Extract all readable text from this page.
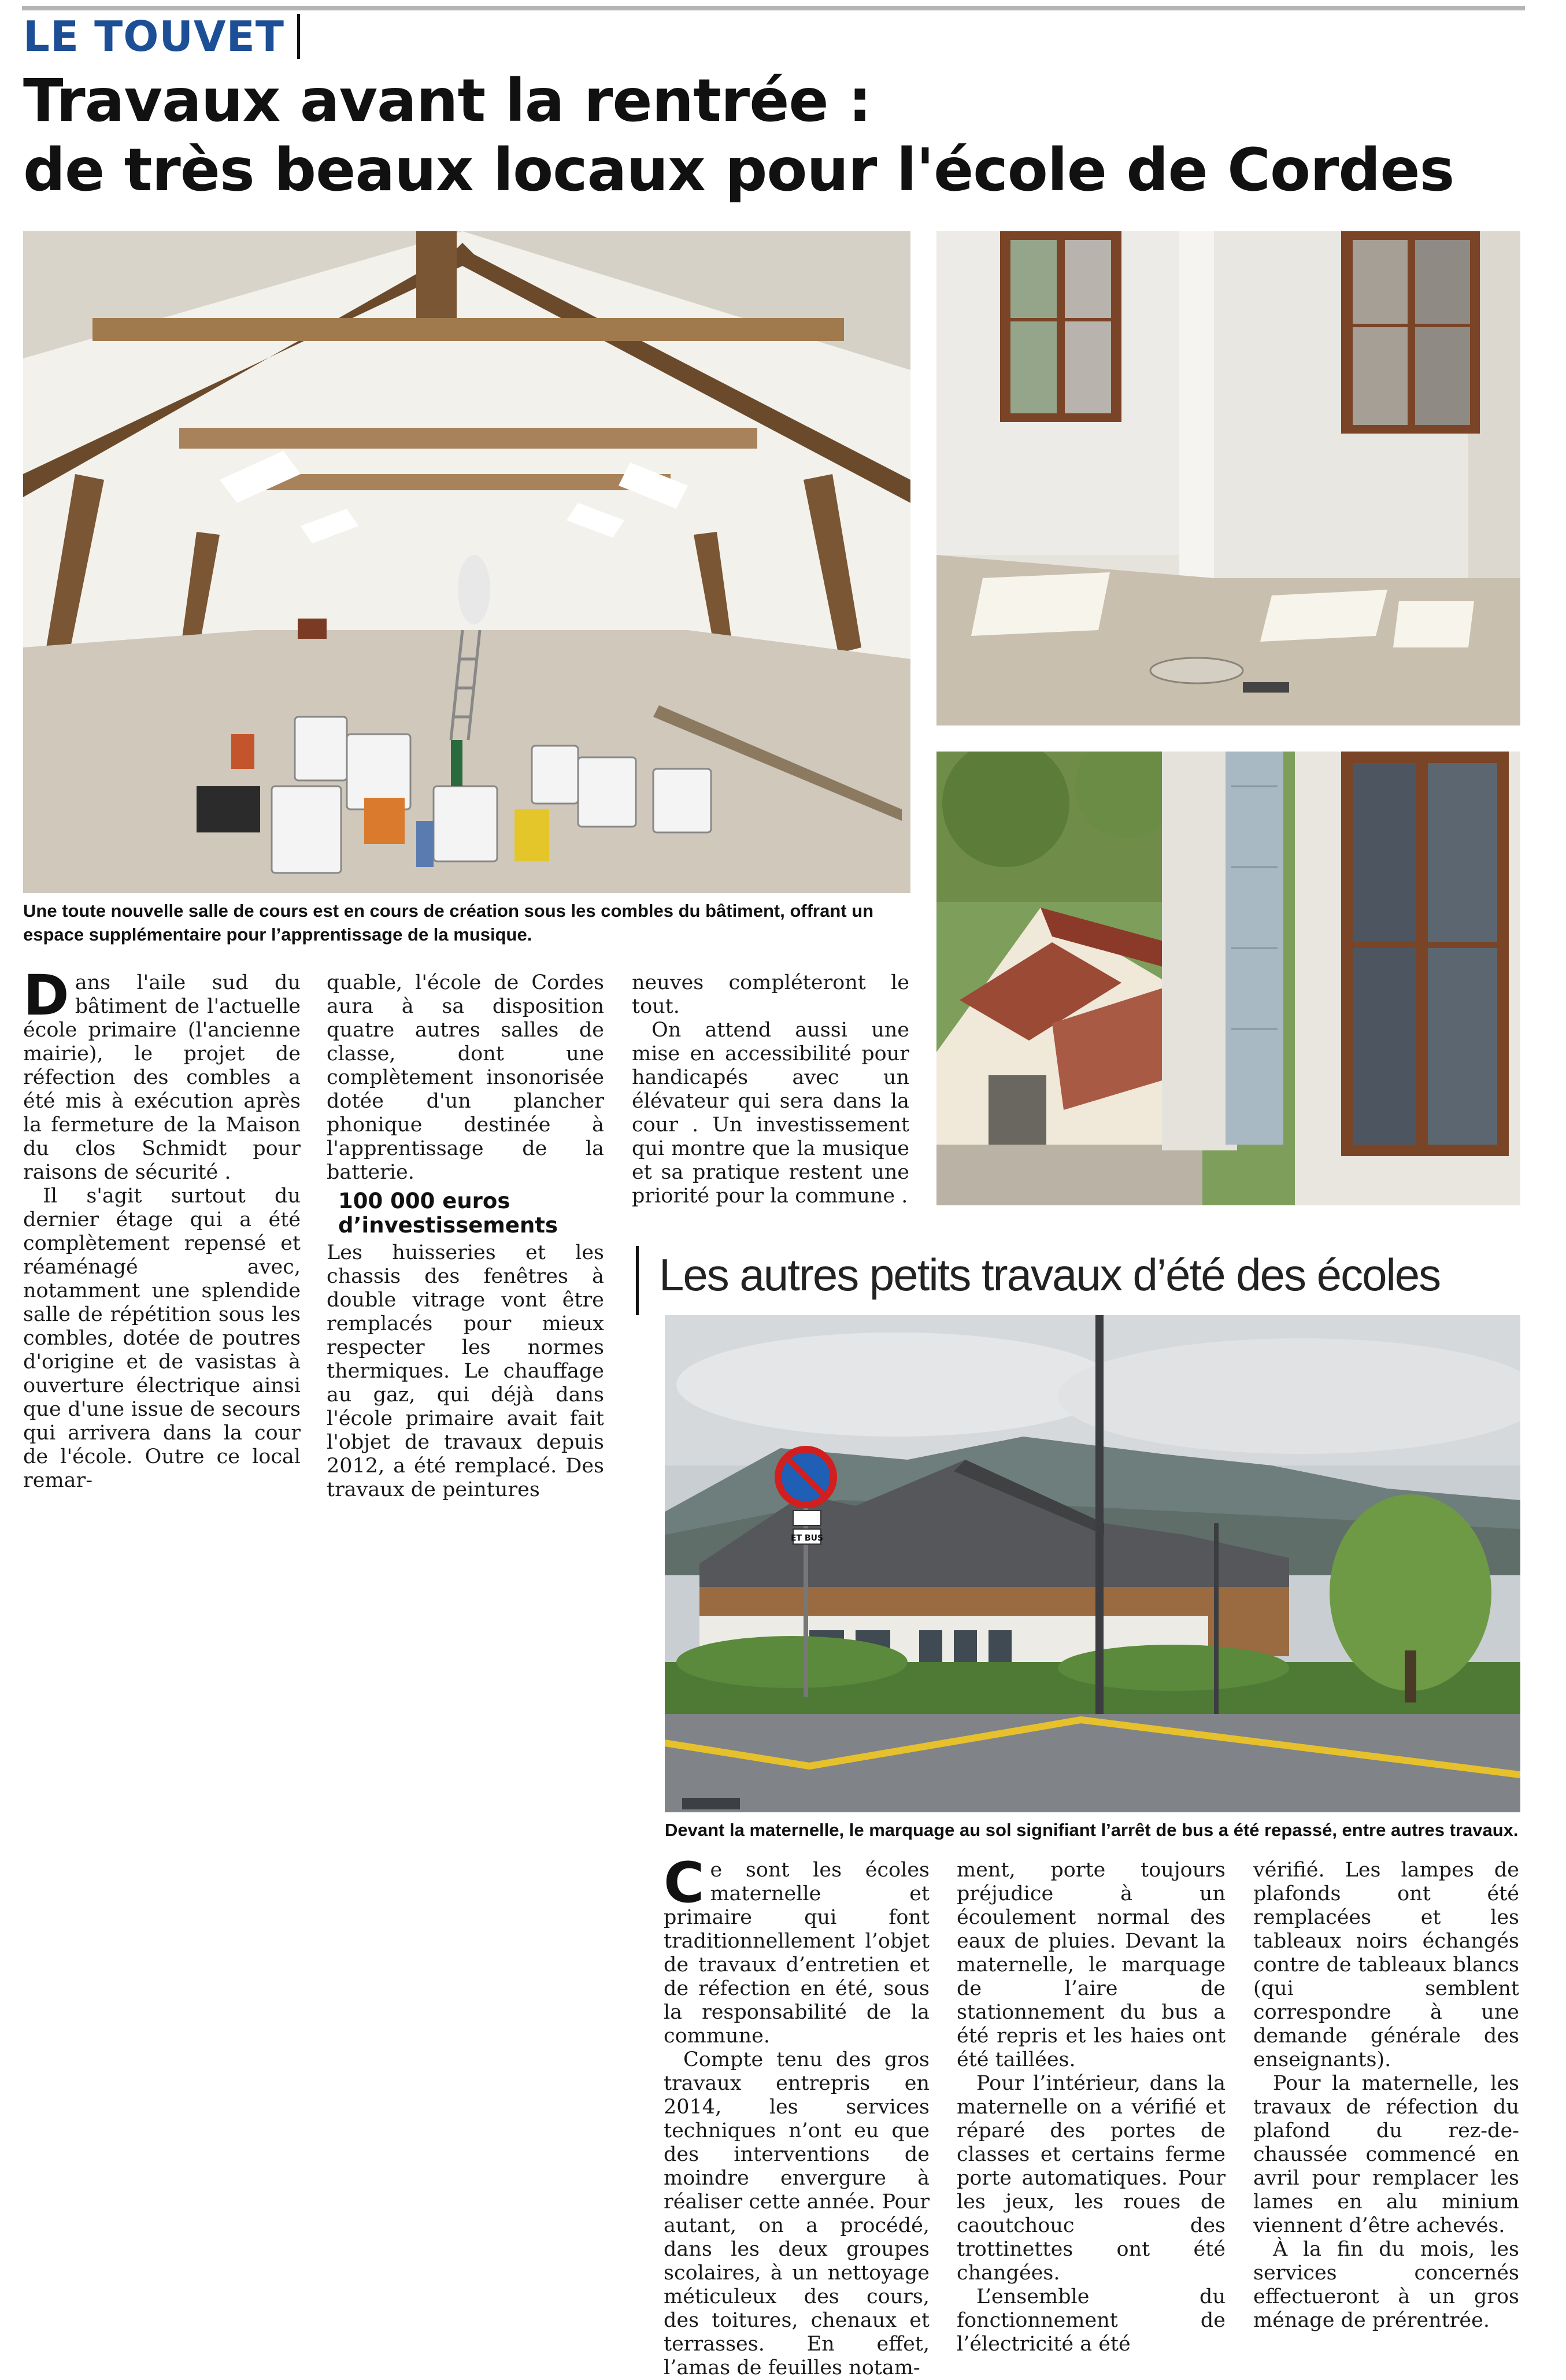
LE TOUVET
Travaux avant la rentrée :
de très beaux locaux pour l'école de Cordes
Une toute nouvelle salle de cours est en cours de création sous les combles du bâtiment, offrant un espace supplémentaire pour l’apprentissage de la musique.

Dans l'aile sud du bâtiment de l'actuelle école primaire (l'ancienne mairie), le projet de réfection des combles a été mis à exécution après la fermeture de la Maison du clos Schmidt pour raisons de sécurité .

Il s'agit surtout du dernier étage qui a été complètement repensé et réaménagé avec, notamment une splendide salle de répétition sous les combles, dotée de poutres d'origine et de vasistas à ouverture électrique ainsi que d'une issue de secours qui arrivera dans la cour de l'école. Outre ce local remar-

quable, l'école de Cordes aura à sa disposition quatre autres salles de classe, dont une complètement insonorisée dotée d'un plancher phonique destinée à l'apprentissage de la batterie.

100 000 euros
d’investissements

Les huisseries et les chassis des fenêtres à double vitrage vont être remplacés pour mieux respecter les normes thermiques. Le chauffage au gaz, qui déjà dans l'école primaire avait fait l'objet de travaux depuis 2012, a été remplacé. Des travaux de peintures

neuves compléteront le tout.

On attend aussi une mise en accessibilité pour handicapés avec un élévateur qui sera dans la cour . Un investissement qui montre que la musique et sa pratique restent une priorité pour la commune .

Les autres petits travaux d’été des écoles
ET BUS
Devant la maternelle, le marquage au sol signifiant l’arrêt de bus a été repassé, entre autres travaux.

Ce sont les écoles maternelle et primaire qui font traditionnellement l’objet de travaux d’entretien et de réfection en été, sous la responsabilité de la commune.

Compte tenu des gros travaux entrepris en 2014, les services techniques n’ont eu que des interventions de moindre envergure à réaliser cette année. Pour autant, on a procédé, dans les deux groupes scolaires, à un nettoyage méticuleux des cours, des toitures, chenaux et terrasses. En effet, l’amas de feuilles notam-

ment, porte toujours préjudice à un écoulement normal des eaux de pluies. Devant la maternelle, le marquage de l’aire de stationnement du bus a été repris et les haies ont été taillées.

Pour l’intérieur, dans la maternelle on a vérifié et réparé des portes de classes et certains ferme porte automatiques. Pour les jeux, les roues de caoutchouc des trottinettes ont été changées.

L’ensemble du fonctionnement de l’électricité a été

vérifié. Les lampes de plafonds ont été remplacées et les tableaux noirs échangés contre de tableaux blancs (qui semblent correspondre à une demande générale des enseignants).

Pour la maternelle, les travaux de réfection du plafond du rez-de-chaussée commencé en avril pour remplacer les lames en alu minium viennent d’être achevés.

À la fin du mois, les services concernés effectueront à un gros ménage de prérentrée.
